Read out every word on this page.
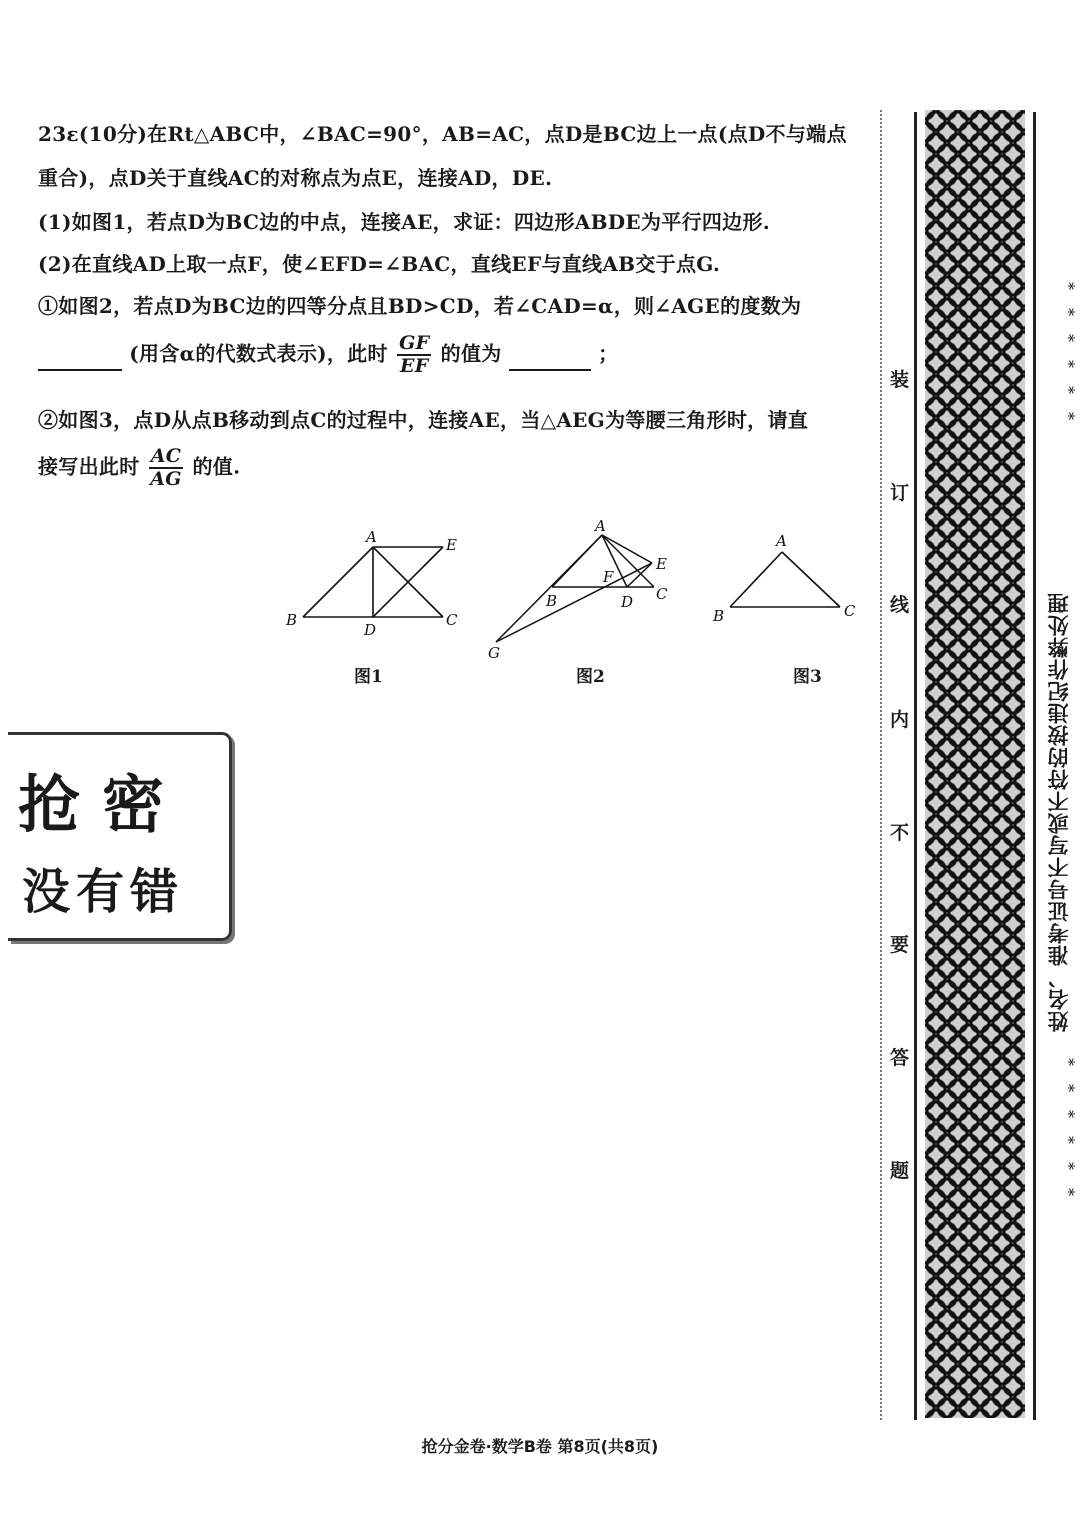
23ε(10分)在Rt△ABC中，∠BAC=90°，AB=AC，点D是BC边上一点(点D不与端点
重合)，点D关于直线AC的对称点为点E，连接AD，DE.
(1)如图1，若点D为BC边的中点，连接AE，求证：四边形ABDE为平行四边形.
(2)在直线AD上取一点F，使∠EFD=∠BAC，直线EF与直线AB交于点G.
①如图2，若点D为BC边的四等分点且BD>CD，若∠CAD=α，则∠AGE的度数为
(用含α的代数式表示)，此时 $\frac{GF}{EF}$ 的值为	；
②如图3，点D从点B移动到点C的过程中，连接AE，当△AEG为等腰三角形时，请直
接写出此时 $\frac{AC}{AG}$ 的值.
A
B	C
D
E
图1
A
B	C
D
E
F
G
图2
A
B	C
图3
抢密
没有错
装
订
线
内
不
要
答
题
******
******
姓名、准考证号不写或不符的按违纪作弊处理
抢分金卷·数学B卷 第8页(共8页)
